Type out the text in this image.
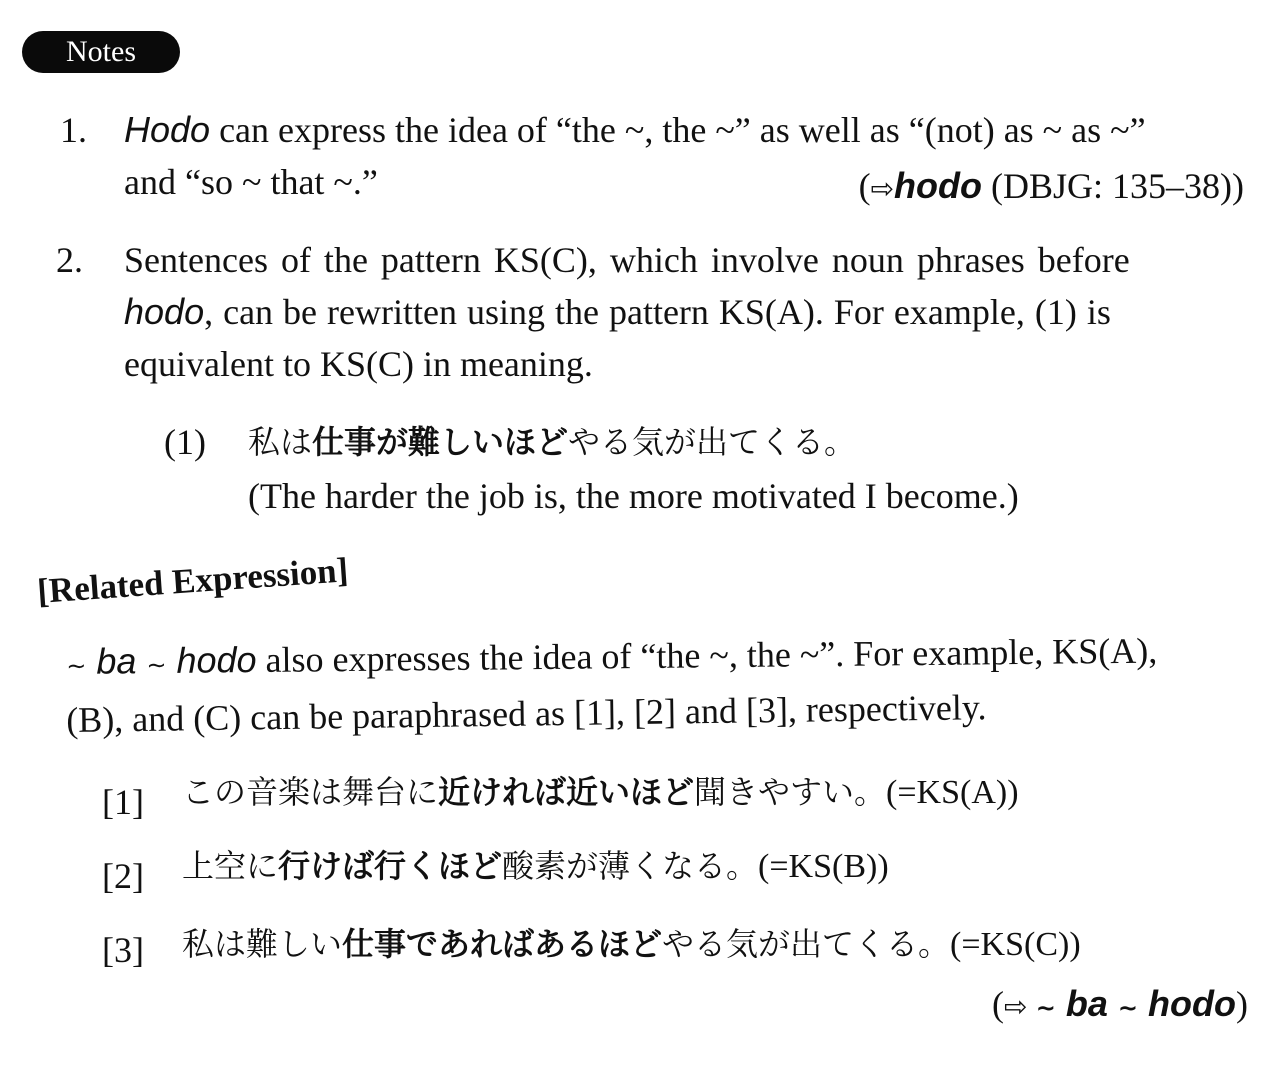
Notes
1. Hodo can express the idea of “the ~, the ~” as well as “(not) as ~ as ~”
and “so ~ that ~.”	(⇨hodo (DBJG: 135–38))
2. Sentences of the pattern KS(C), which involve noun phrases before
hodo, can be rewritten using the pattern KS(A). For example, (1) is
equivalent to KS(C) in meaning.
(1) 私は仕事が難しいほどやる気が出てくる。
(The harder the job is, the more motivated I become.)
[Related Expression]
~ ba ~ hodo also expresses the idea of “the ~, the ~”. For example, KS(A),
(B), and (C) can be paraphrased as [1], [2] and [3], respectively.
[1] この音楽は舞台に近ければ近いほど聞きやすい。(=KS(A))
[2] 上空に行けば行くほど酸素が薄くなる。(=KS(B))
[3] 私は難しい仕事であればあるほどやる気が出てくる。(=KS(C))
(⇨ ~ ba ~ hodo)
